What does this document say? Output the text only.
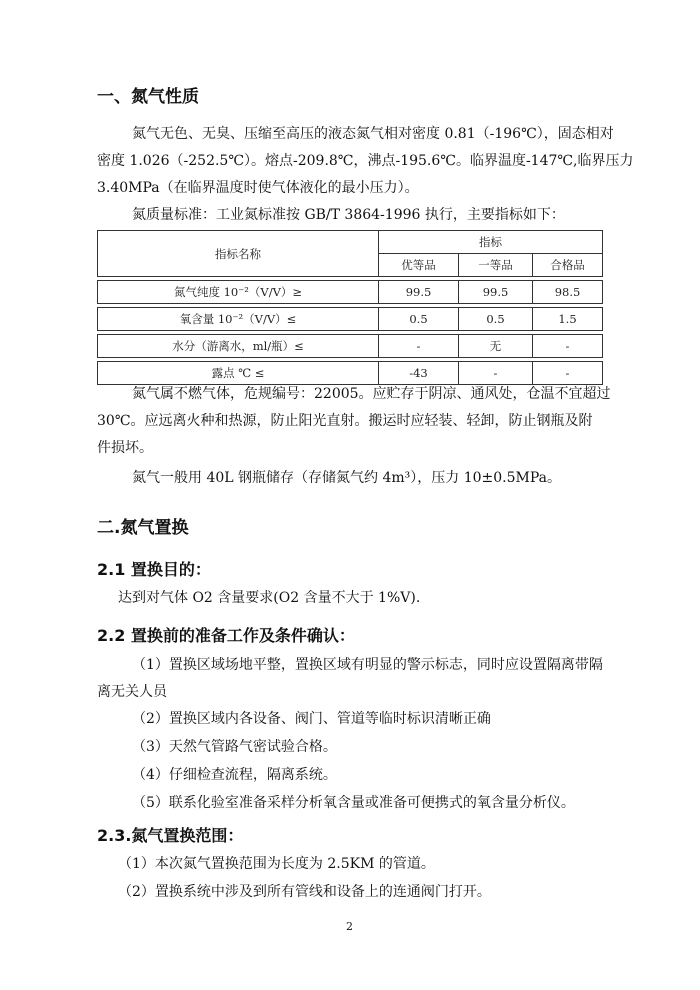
一、氮气性质
氮气无色、无臭、压缩至高压的液态氮气相对密度 0.81（-196℃），固态相对
密度 1.026（-252.5℃）。熔点-209.8℃，沸点-195.6℃。临界温度-147℃,临界压力
3.40MPa（在临界温度时使气体液化的最小压力）。
氮质量标准：工业氮标准按 GB/T 3864-1996 执行，主要指标如下：
指标名称	指标		
	优等品	一等品	合格品

氮气纯度 10⁻²（V/V）≥	99.5	99.5	98.5

氧含量 10⁻²（V/V）≤	0.5	0.5	1.5

水分（游离水，ml/瓶）≤	-	无	-

露点 ℃ ≤	-43	-	-
氮气属不燃气体，危规编号：22005。应贮存于阴凉、通风处，仓温不宜超过
30℃。应远离火种和热源，防止阳光直射。搬运时应轻装、轻卸，防止钢瓶及附
件损坏。
氮气一般用 40L 钢瓶储存（存储氮气约 4m³），压力 10±0.5MPa。
二.氮气置换
2.1 置换目的：
达到对气体 O2 含量要求(O2 含量不大于 1%V).
2.2 置换前的准备工作及条件确认：
（1）置换区域场地平整，置换区域有明显的警示标志，同时应设置隔离带隔
离无关人员
（2）置换区域内各设备、阀门、管道等临时标识清晰正确
（3）天然气管路气密试验合格。
（4）仔细检查流程，隔离系统。
（5）联系化验室准备采样分析氧含量或准备可便携式的氧含量分析仪。
2.3.氮气置换范围：
（1）本次氮气置换范围为长度为 2.5KM 的管道。
（2）置换系统中涉及到所有管线和设备上的连通阀门打开。
2
